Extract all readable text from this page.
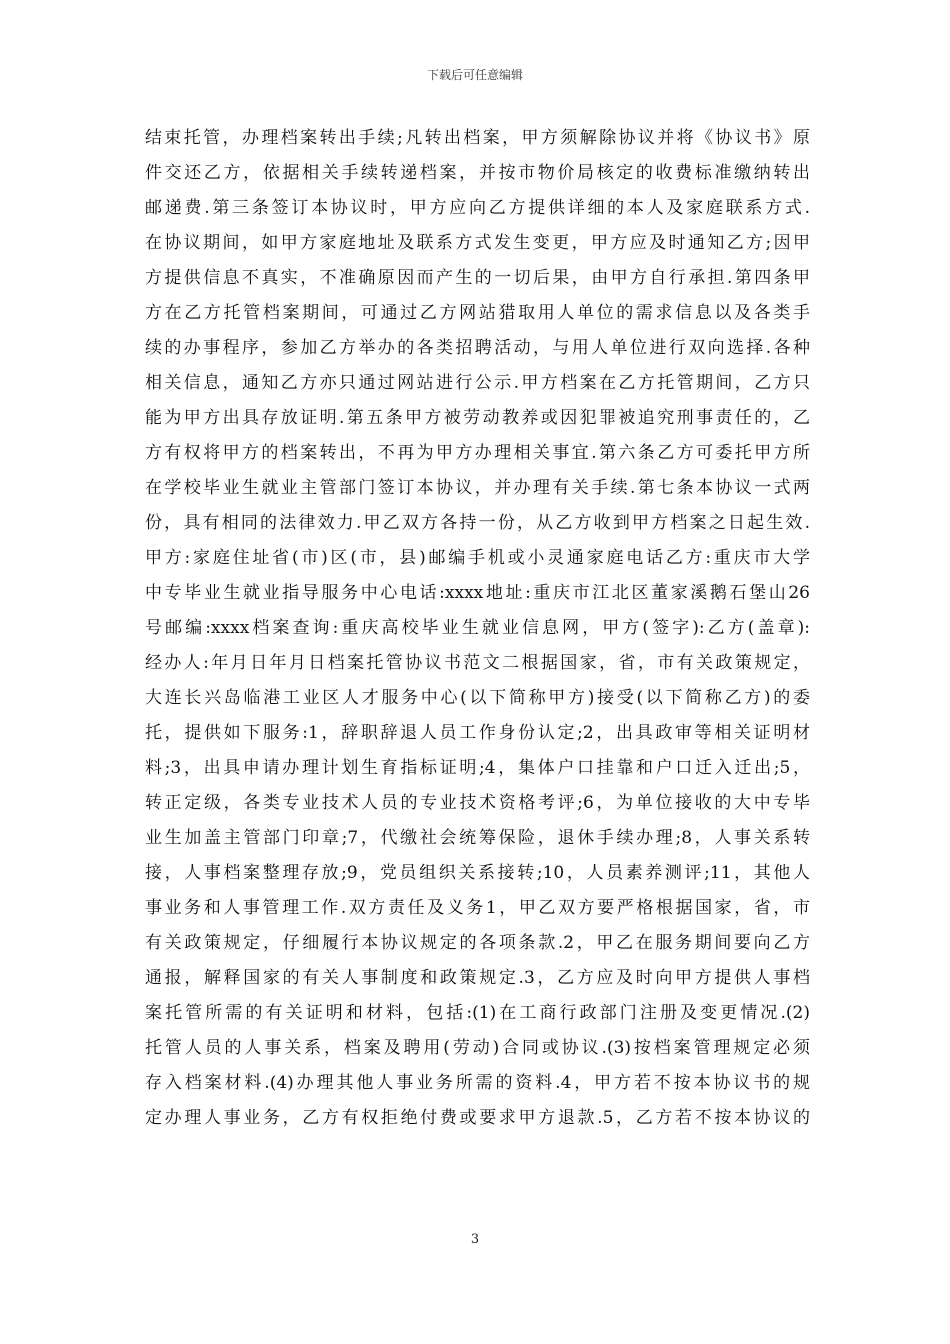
下载后可任意编辑
结束托管，办理档案转出手续;凡转出档案，甲方须解除协议并将《协议书》原
件交还乙方，依据相关手续转递档案，并按市物价局核定的收费标准缴纳转出
邮递费.第三条签订本协议时，甲方应向乙方提供详细的本人及家庭联系方式.
在协议期间，如甲方家庭地址及联系方式发生变更，甲方应及时通知乙方;因甲
方提供信息不真实，不准确原因而产生的一切后果，由甲方自行承担.第四条甲
方在乙方托管档案期间，可通过乙方网站猎取用人单位的需求信息以及各类手
续的办事程序，参加乙方举办的各类招聘活动，与用人单位进行双向选择.各种
相关信息，通知乙方亦只通过网站进行公示.甲方档案在乙方托管期间，乙方只
能为甲方出具存放证明.第五条甲方被劳动教养或因犯罪被追究刑事责任的，乙
方有权将甲方的档案转出，不再为甲方办理相关事宜.第六条乙方可委托甲方所
在学校毕业生就业主管部门签订本协议，并办理有关手续.第七条本协议一式两
份，具有相同的法律效力.甲乙双方各持一份，从乙方收到甲方档案之日起生效.
甲方:家庭住址省(市)区(市，县)邮编手机或小灵通家庭电话乙方:重庆市大学
中专毕业生就业指导服务中心电话:xxxx地址:重庆市江北区董家溪鹅石堡山26
号邮编:xxxx档案查询:重庆高校毕业生就业信息网，甲方(签字):乙方(盖章):
经办人:年月日年月日档案托管协议书范文二根据国家，省，市有关政策规定，
大连长兴岛临港工业区人才服务中心(以下简称甲方)接受(以下简称乙方)的委
托，提供如下服务:1，辞职辞退人员工作身份认定;2，出具政审等相关证明材
料;3，出具申请办理计划生育指标证明;4，集体户口挂靠和户口迁入迁出;5，
转正定级，各类专业技术人员的专业技术资格考评;6，为单位接收的大中专毕
业生加盖主管部门印章;7，代缴社会统筹保险，退休手续办理;8，人事关系转
接，人事档案整理存放;9，党员组织关系接转;10，人员素养测评;11，其他人
事业务和人事管理工作.双方责任及义务1，甲乙双方要严格根据国家，省，市
有关政策规定，仔细履行本协议规定的各项条款.2，甲乙在服务期间要向乙方
通报，解释国家的有关人事制度和政策规定.3，乙方应及时向甲方提供人事档
案托管所需的有关证明和材料，包括:(1)在工商行政部门注册及变更情况.(2)
托管人员的人事关系，档案及聘用(劳动)合同或协议.(3)按档案管理规定必须
存入档案材料.(4)办理其他人事业务所需的资料.4，甲方若不按本协议书的规
定办理人事业务，乙方有权拒绝付费或要求甲方退款.5，乙方若不按本协议的
3
